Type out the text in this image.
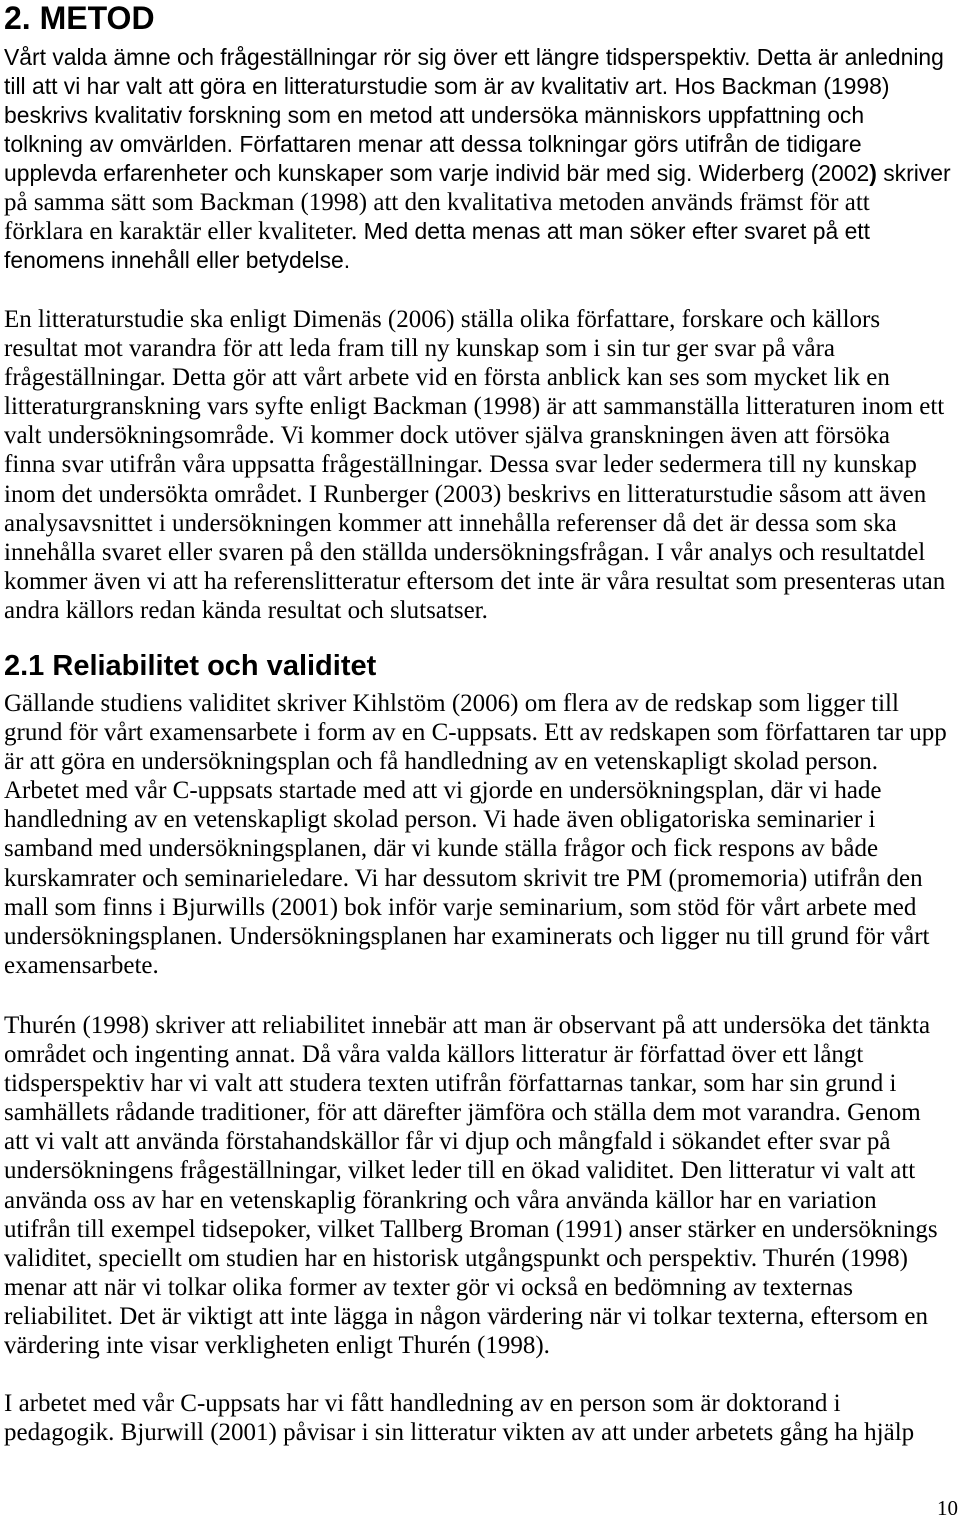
2. METOD
Vårt valda ämne och frågeställningar rör sig över ett längre tidsperspektiv. Detta är anledning
till att vi har valt att göra en litteraturstudie som är av kvalitativ art. Hos Backman (1998)
beskrivs kvalitativ forskning som en metod att undersöka människors uppfattning och
tolkning av omvärlden. Författaren menar att dessa tolkningar görs utifrån de tidigare
upplevda erfarenheter och kunskaper som varje individ bär med sig. Widerberg (2002) skriver
på samma sätt som Backman (1998) att den kvalitativa metoden används främst för att
förklara en karaktär eller kvaliteter. Med detta menas att man söker efter svaret på ett
fenomens innehåll eller betydelse.
En litteraturstudie ska enligt Dimenäs (2006) ställa olika författare, forskare och källors
resultat mot varandra för att leda fram till ny kunskap som i sin tur ger svar på våra
frågeställningar. Detta gör att vårt arbete vid en första anblick kan ses som mycket lik en
litteraturgranskning vars syfte enligt Backman (1998) är att sammanställa litteraturen inom ett
valt undersökningsområde. Vi kommer dock utöver själva granskningen även att försöka
finna svar utifrån våra uppsatta frågeställningar. Dessa svar leder sedermera till ny kunskap
inom det undersökta området. I Runberger (2003) beskrivs en litteraturstudie såsom att även
analysavsnittet i undersökningen kommer att innehålla referenser då det är dessa som ska
innehålla svaret eller svaren på den ställda undersökningsfrågan. I vår analys och resultatdel
kommer även vi att ha referenslitteratur eftersom det inte är våra resultat som presenteras utan
andra källors redan kända resultat och slutsatser.
2.1 Reliabilitet och validitet
Gällande studiens validitet skriver Kihlstöm (2006) om flera av de redskap som ligger till
grund för vårt examensarbete i form av en C-uppsats. Ett av redskapen som författaren tar upp
är att göra en undersökningsplan och få handledning av en vetenskapligt skolad person.
Arbetet med vår C-uppsats startade med att vi gjorde en undersökningsplan, där vi hade
handledning av en vetenskapligt skolad person. Vi hade även obligatoriska seminarier i
samband med undersökningsplanen, där vi kunde ställa frågor och fick respons av både
kurskamrater och seminarieledare. Vi har dessutom skrivit tre PM (promemoria) utifrån den
mall som finns i Bjurwills (2001) bok inför varje seminarium, som stöd för vårt arbete med
undersökningsplanen. Undersökningsplanen har examinerats och ligger nu till grund för vårt
examensarbete.
Thurén (1998) skriver att reliabilitet innebär att man är observant på att undersöka det tänkta
området och ingenting annat. Då våra valda källors litteratur är författad över ett långt
tidsperspektiv har vi valt att studera texten utifrån författarnas tankar, som har sin grund i
samhällets rådande traditioner, för att därefter jämföra och ställa dem mot varandra. Genom
att vi valt att använda förstahandskällor får vi djup och mångfald i sökandet efter svar på
undersökningens frågeställningar, vilket leder till en ökad validitet. Den litteratur vi valt att
använda oss av har en vetenskaplig förankring och våra använda källor har en variation
utifrån till exempel tidsepoker, vilket Tallberg Broman (1991) anser stärker en undersöknings
validitet, speciellt om studien har en historisk utgångspunkt och perspektiv. Thurén (1998)
menar att när vi tolkar olika former av texter gör vi också en bedömning av texternas
reliabilitet. Det är viktigt att inte lägga in någon värdering när vi tolkar texterna, eftersom en
värdering inte visar verkligheten enligt Thurén (1998).
I arbetet med vår C-uppsats har vi fått handledning av en person som är doktorand i
pedagogik. Bjurwill (2001) påvisar i sin litteratur vikten av att under arbetets gång ha hjälp
10
